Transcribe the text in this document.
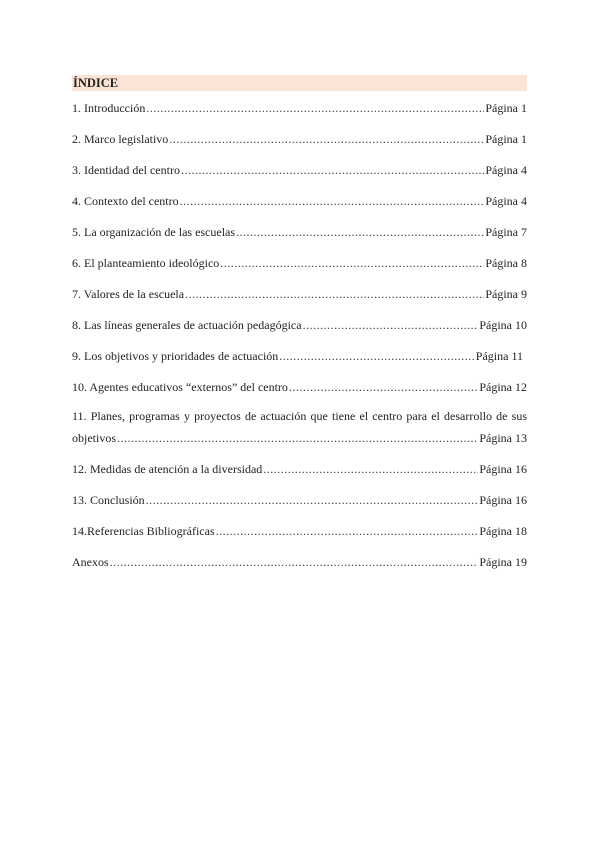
ÍNDICE
1. Introducción .....	Página 1
2. Marco legislativo .....	Página 1
3. Identidad del centro .....	Página 4
4. Contexto del centro .....	Página 4
5. La organización de las escuelas .....	Página 7
6. El planteamiento ideológico .....	Página 8
7. Valores de la escuela .....	Página 9
8. Las líneas generales de actuación pedagógica .....	Página 10
9. Los objetivos y prioridades de actuación .....	Página 11
10. Agentes educativos “externos” del centro .....	Página 12
11. Planes, programas y proyectos de actuación que tiene el centro para el desarrollo de sus
objetivos .....	Página 13
12. Medidas de atención a la diversidad .....	Página 16
13. Conclusión .....	Página 16
14.Referencias Bibliográficas .....	Página 18
Anexos .....	Página 19
